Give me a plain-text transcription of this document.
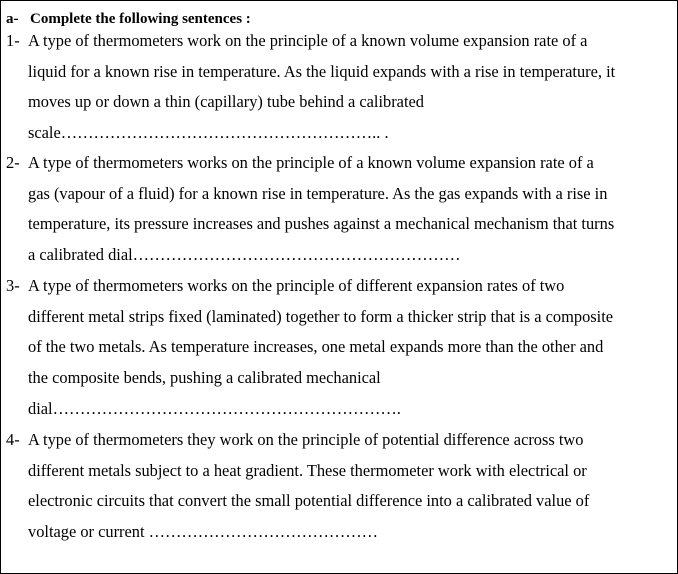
a- Complete the following sentences :
1- A type of thermometers work on the principle of a known volume expansion rate of a
liquid for a known rise in temperature. As the liquid expands with a rise in temperature, it
moves up or down a thin (capillary) tube behind a calibrated
scale………………………………………………….. .
2- A type of thermometers works on the principle of a known volume expansion rate of a
gas (vapour of a fluid) for a known rise in temperature. As the gas expands with a rise in
temperature, its pressure increases and pushes against a mechanical mechanism that turns
a calibrated dial……………………………………………………
3- A type of thermometers works on the principle of different expansion rates of two
different metal strips fixed (laminated) together to form a thicker strip that is a composite
of the two metals. As temperature increases, one metal expands more than the other and
the composite bends, pushing a calibrated mechanical
dial……………………………………………………….
4- A type of thermometers they work on the principle of potential difference across two
different metals subject to a heat gradient. These thermometer work with electrical or
electronic circuits that convert the small potential difference into a calibrated value of
voltage or current ……………………………………
